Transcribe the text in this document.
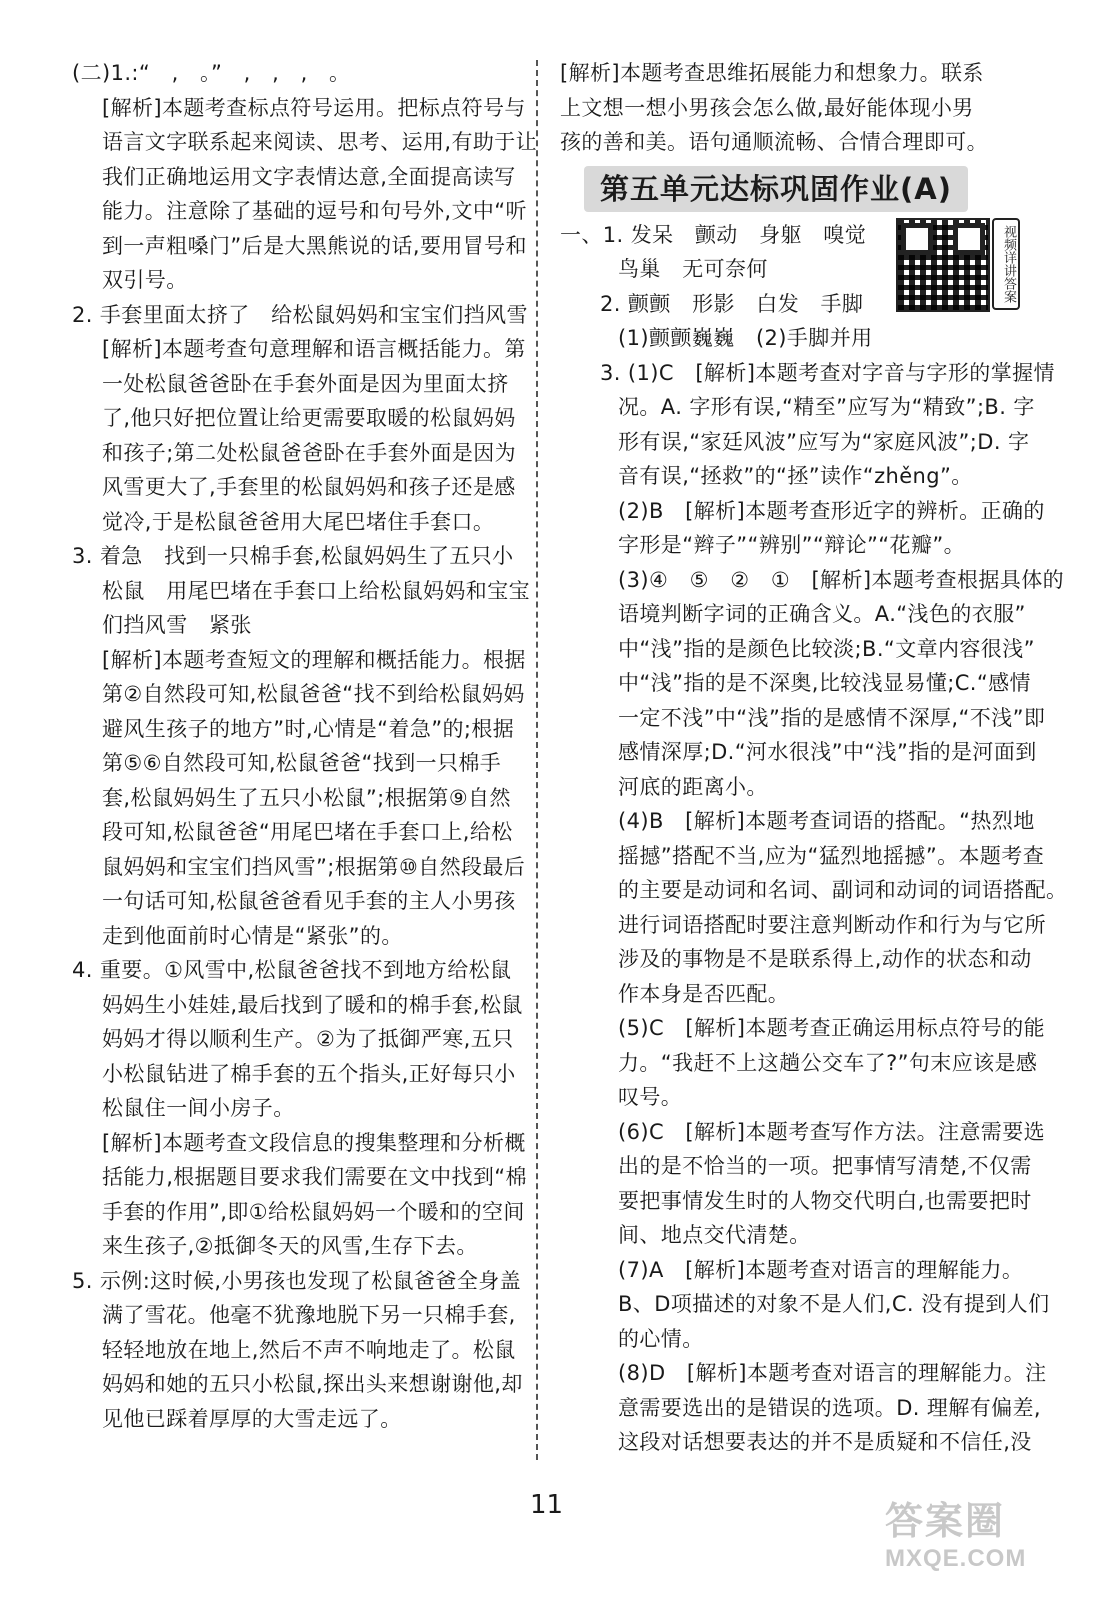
(二)1.:“　,　。”　,　,　,　。
[解析]本题考查标点符号运用。把标点符号与
语言文字联系起来阅读、思考、运用,有助于让
我们正确地运用文字表情达意,全面提高读写
能力。注意除了基础的逗号和句号外,文中“听
到一声粗嗓门”后是大黑熊说的话,要用冒号和
双引号。
2. 手套里面太挤了　给松鼠妈妈和宝宝们挡风雪
[解析]本题考查句意理解和语言概括能力。第
一处松鼠爸爸卧在手套外面是因为里面太挤
了,他只好把位置让给更需要取暖的松鼠妈妈
和孩子;第二处松鼠爸爸卧在手套外面是因为
风雪更大了,手套里的松鼠妈妈和孩子还是感
觉冷,于是松鼠爸爸用大尾巴堵住手套口。
3. 着急　找到一只棉手套,松鼠妈妈生了五只小
松鼠　用尾巴堵在手套口上给松鼠妈妈和宝宝
们挡风雪　紧张
[解析]本题考查短文的理解和概括能力。根据
第②自然段可知,松鼠爸爸“找不到给松鼠妈妈
避风生孩子的地方”时,心情是“着急”的;根据
第⑤⑥自然段可知,松鼠爸爸“找到一只棉手
套,松鼠妈妈生了五只小松鼠”;根据第⑨自然
段可知,松鼠爸爸“用尾巴堵在手套口上,给松
鼠妈妈和宝宝们挡风雪”;根据第⑩自然段最后
一句话可知,松鼠爸爸看见手套的主人小男孩
走到他面前时心情是“紧张”的。
4. 重要。①风雪中,松鼠爸爸找不到地方给松鼠
妈妈生小娃娃,最后找到了暖和的棉手套,松鼠
妈妈才得以顺利生产。②为了抵御严寒,五只
小松鼠钻进了棉手套的五个指头,正好每只小
松鼠住一间小房子。
[解析]本题考查文段信息的搜集整理和分析概
括能力,根据题目要求我们需要在文中找到“棉
手套的作用”,即①给松鼠妈妈一个暖和的空间
来生孩子,②抵御冬天的风雪,生存下去。
5. 示例:这时候,小男孩也发现了松鼠爸爸全身盖
满了雪花。他毫不犹豫地脱下另一只棉手套,
轻轻地放在地上,然后不声不响地走了。松鼠
妈妈和她的五只小松鼠,探出头来想谢谢他,却
见他已踩着厚厚的大雪走远了。
[解析]本题考查思维拓展能力和想象力。联系
上文想一想小男孩会怎么做,最好能体现小男
孩的善和美。语句通顺流畅、合情合理即可。
第五单元达标巩固作业(A)
一、1. 发呆　颤动　身躯　嗅觉
鸟巢　无可奈何
2. 颤颤　形影　白发　手脚
(1)颤颤巍巍　(2)手脚并用
3. (1)C　[解析]本题考查对字音与字形的掌握情
况。A. 字形有误,“精至”应写为“精致”;B. 字
形有误,“家廷风波”应写为“家庭风波”;D. 字
音有误,“拯救”的“拯”读作“zhěng”。
(2)B　[解析]本题考查形近字的辨析。正确的
字形是“辫子”“辨别”“辩论”“花瓣”。
(3)④　⑤　②　①　[解析]本题考查根据具体的
语境判断字词的正确含义。A.“浅色的衣服”
中“浅”指的是颜色比较淡;B.“文章内容很浅”
中“浅”指的是不深奥,比较浅显易懂;C.“感情
一定不浅”中“浅”指的是感情不深厚,“不浅”即
感情深厚;D.“河水很浅”中“浅”指的是河面到
河底的距离小。
(4)B　[解析]本题考查词语的搭配。“热烈地
摇撼”搭配不当,应为“猛烈地摇撼”。本题考查
的主要是动词和名词、副词和动词的词语搭配。
进行词语搭配时要注意判断动作和行为与它所
涉及的事物是不是联系得上,动作的状态和动
作本身是否匹配。
(5)C　[解析]本题考查正确运用标点符号的能
力。“我赶不上这趟公交车了?”句末应该是感
叹号。
(6)C　[解析]本题考查写作方法。注意需要选
出的是不恰当的一项。把事情写清楚,不仅需
要把事情发生时的人物交代明白,也需要把时
间、地点交代清楚。
(7)A　[解析]本题考查对语言的理解能力。
B、D项描述的对象不是人们,C. 没有提到人们
的心情。
(8)D　[解析]本题考查对语言的理解能力。注
意需要选出的是错误的选项。D. 理解有偏差,
这段对话想要表达的并不是质疑和不信任,没
视频详讲答案
11	答案圈
MXQE.COM
